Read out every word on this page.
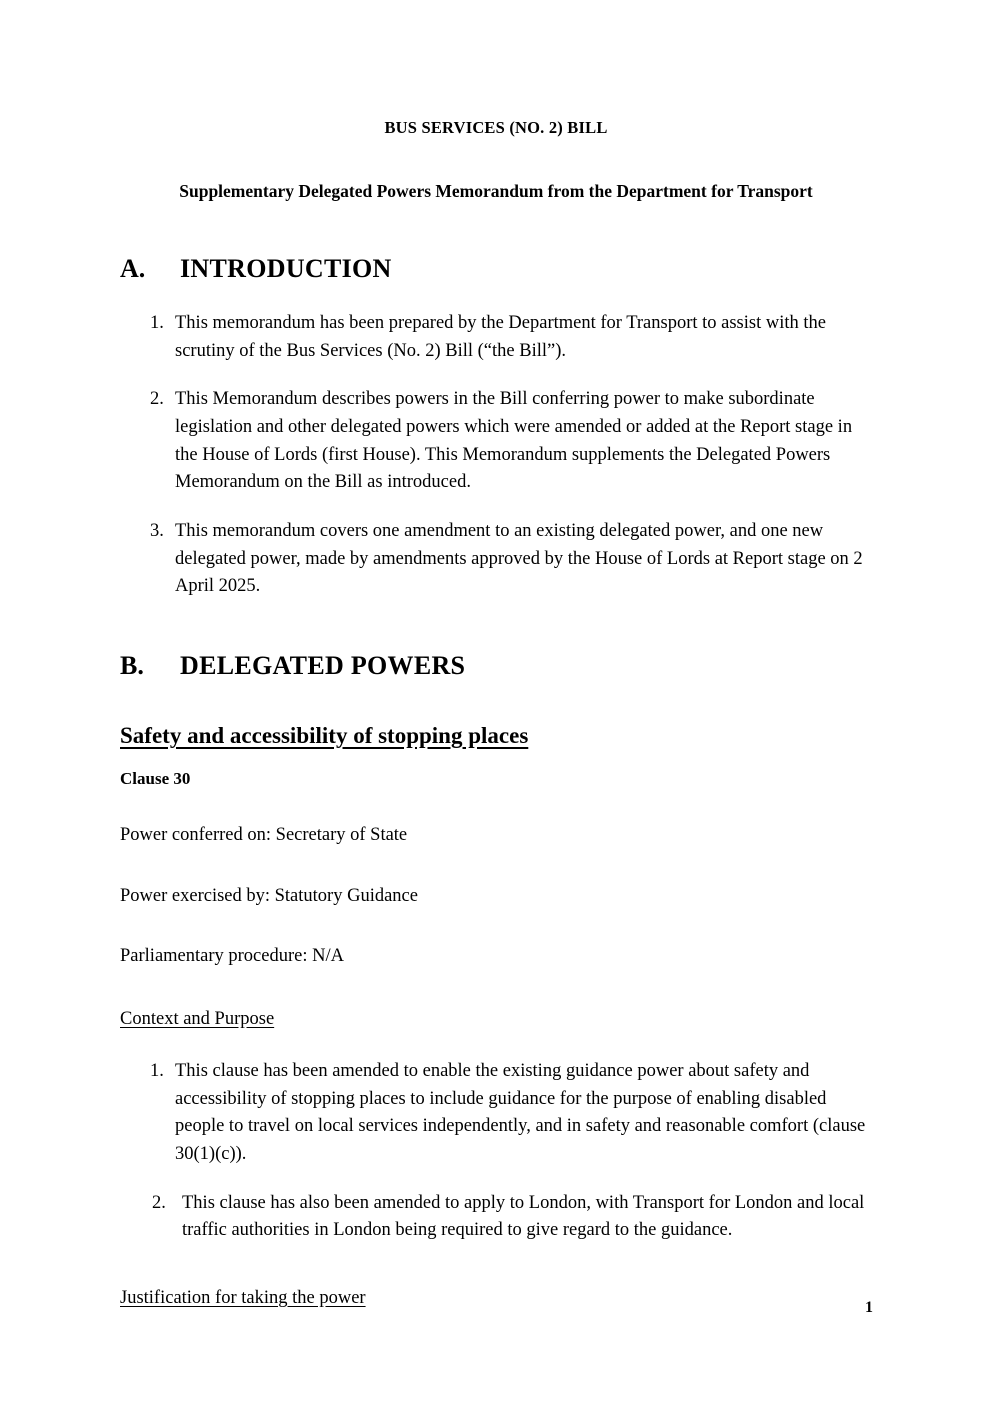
BUS SERVICES (NO. 2) BILL
Supplementary Delegated Powers Memorandum from the Department for Transport
A.	INTRODUCTION
1. This memorandum has been prepared by the Department for Transport to assist with the scrutiny of the Bus Services (No. 2) Bill (“the Bill”).
2. This Memorandum describes powers in the Bill conferring power to make subordinate legislation and other delegated powers which were amended or added at the Report stage in the House of Lords (first House). This Memorandum supplements the Delegated Powers Memorandum on the Bill as introduced.
3. This memorandum covers one amendment to an existing delegated power, and one new delegated power, made by amendments approved by the House of Lords at Report stage on 2 April 2025.
B.	DELEGATED POWERS
Safety and accessibility of stopping places

Clause 30

Power conferred on: Secretary of State

Power exercised by: Statutory Guidance

Parliamentary procedure: N/A

Context and Purpose

1. This clause has been amended to enable the existing guidance power about safety and accessibility of stopping places to include guidance for the purpose of enabling disabled people to travel on local services independently, and in safety and reasonable comfort (clause 30(1)(c)).
2. This clause has also been amended to apply to London, with Transport for London and local traffic authorities in London being required to give regard to the guidance.

Justification for taking the power	1
